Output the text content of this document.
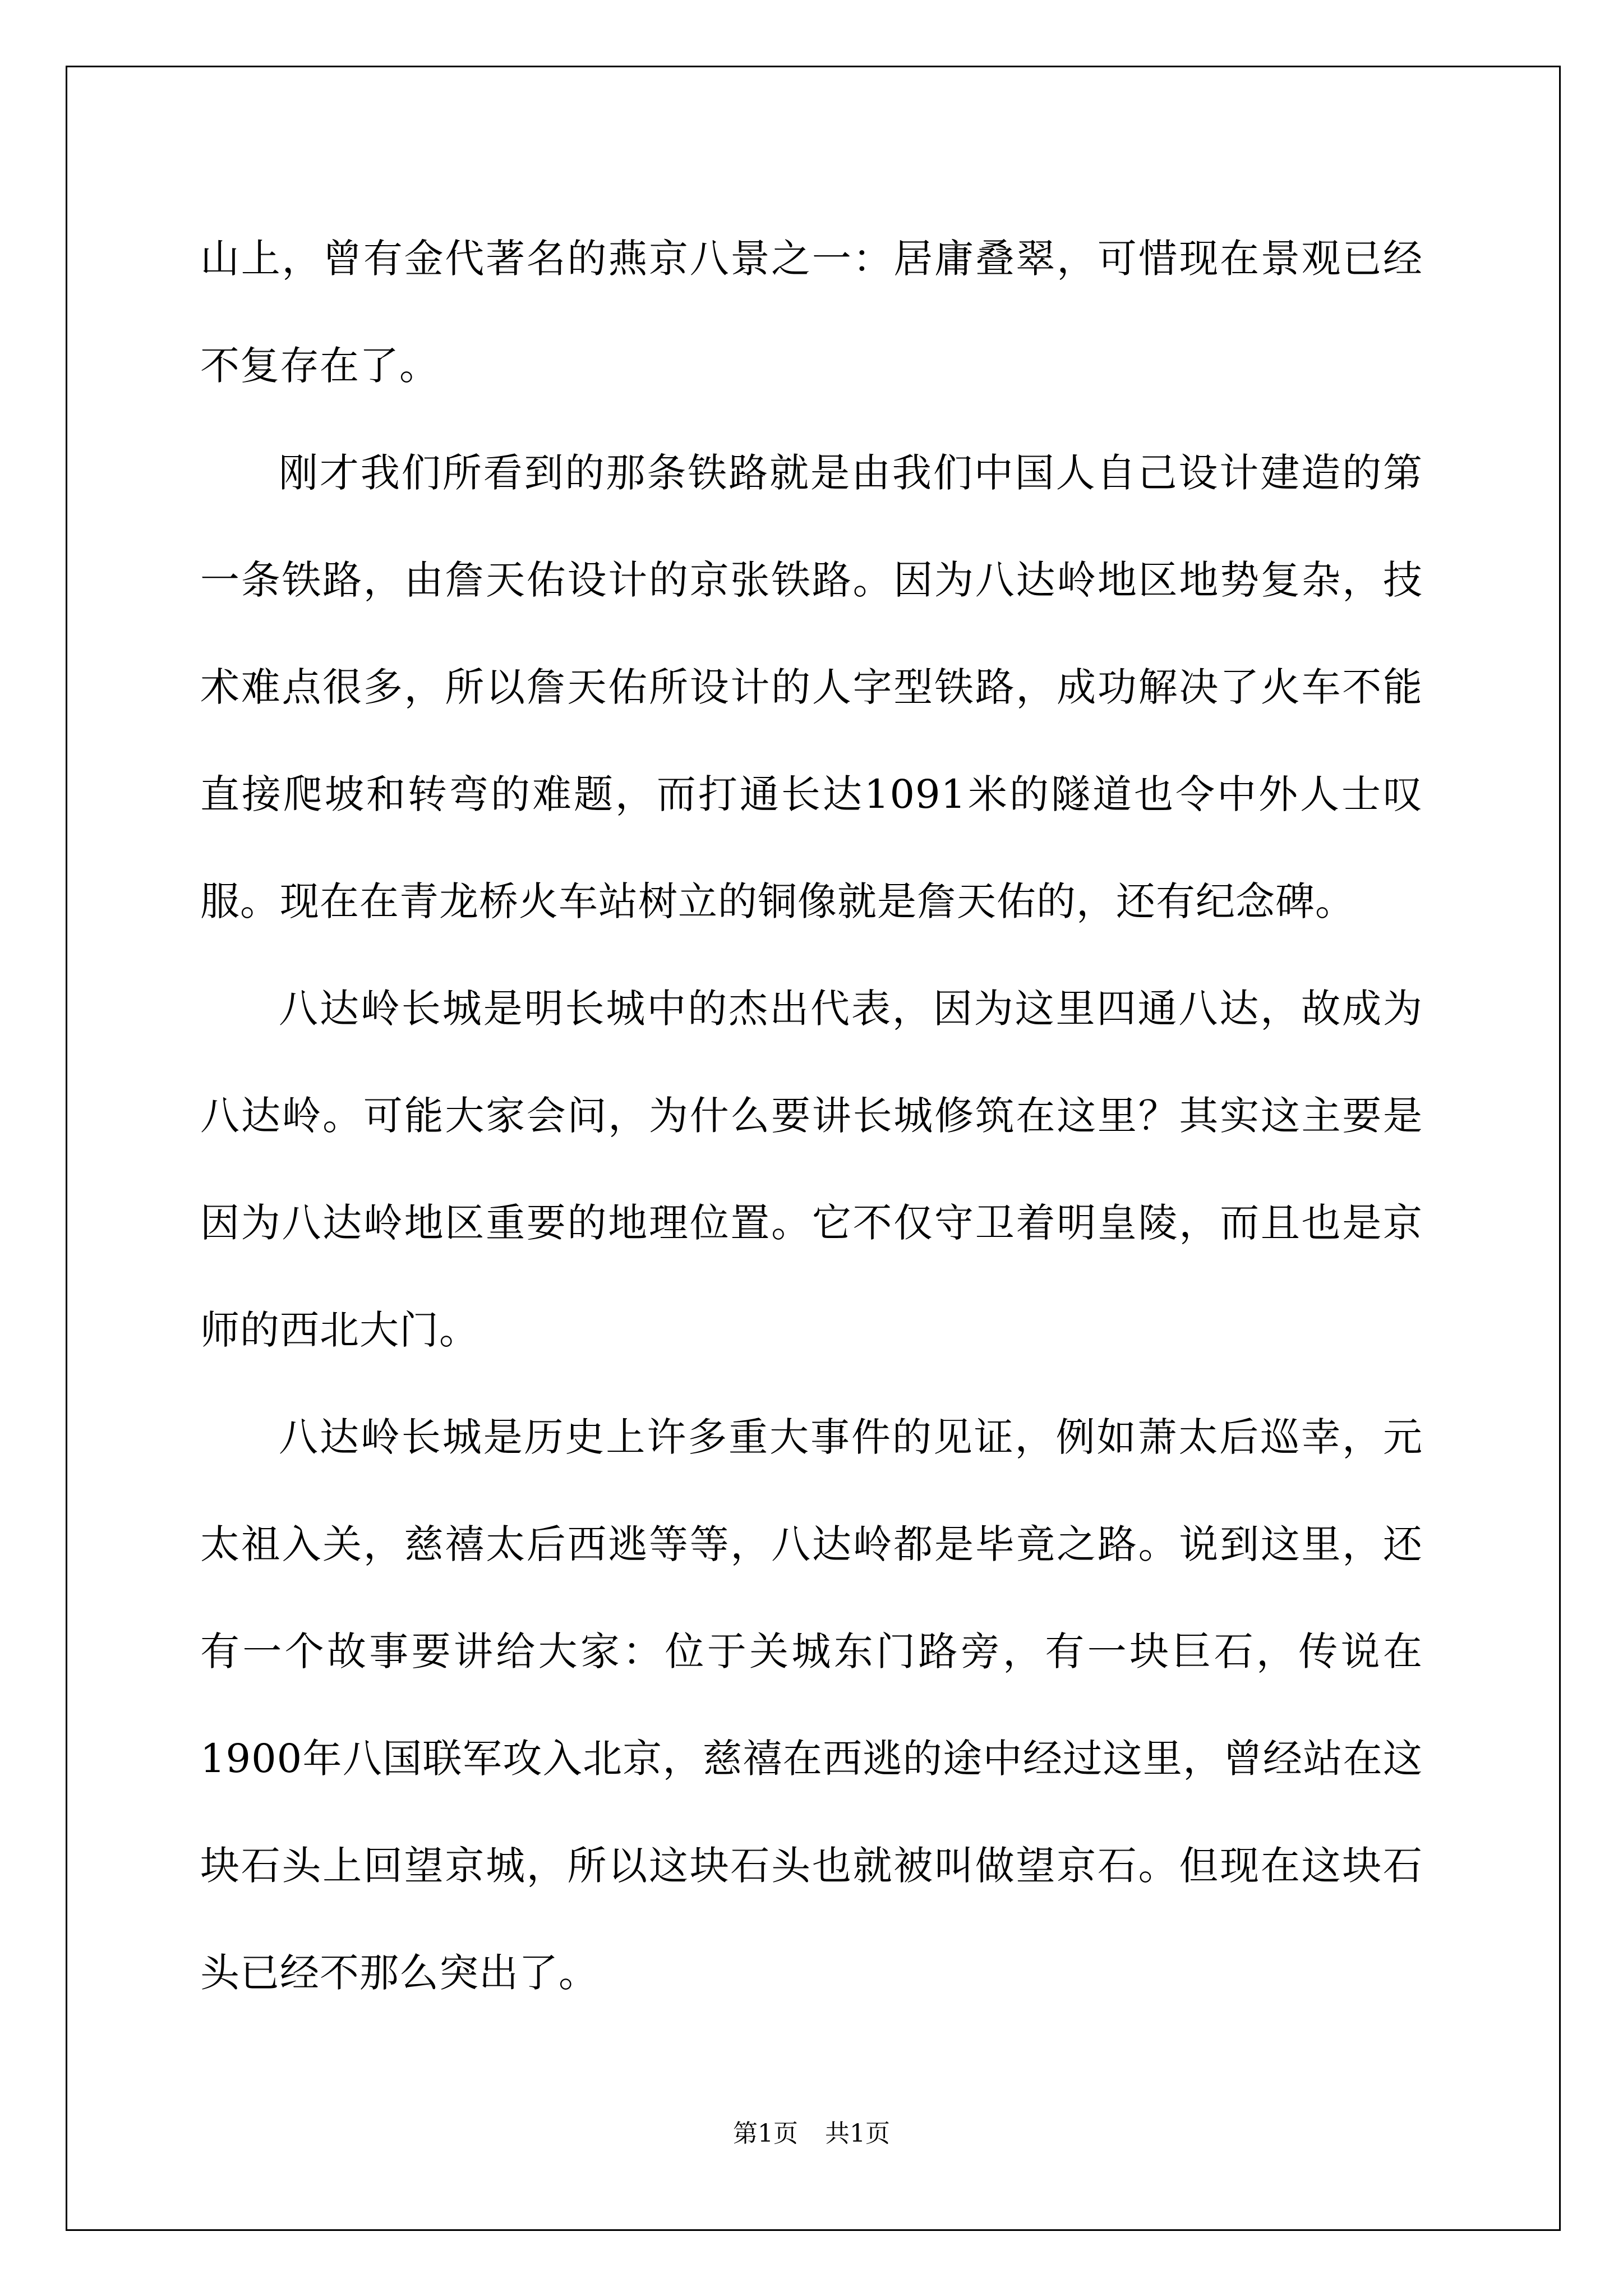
山上，曾有金代著名的燕京八景之一：居庸叠翠，可惜现在景观已经不复存在了。

刚才我们所看到的那条铁路就是由我们中国人自己设计建造的第一条铁路，由詹天佑设计的京张铁路。因为八达岭地区地势复杂，技术难点很多，所以詹天佑所设计的人字型铁路，成功解决了火车不能直接爬坡和转弯的难题，而打通长达1091米的隧道也令中外人士叹服。现在在青龙桥火车站树立的铜像就是詹天佑的，还有纪念碑。

八达岭长城是明长城中的杰出代表，因为这里四通八达，故成为八达岭。可能大家会问，为什么要讲长城修筑在这里？其实这主要是因为八达岭地区重要的地理位置。它不仅守卫着明皇陵，而且也是京师的西北大门。

八达岭长城是历史上许多重大事件的见证，例如萧太后巡幸，元太祖入关，慈禧太后西逃等等，八达岭都是毕竟之路。说到这里，还有一个故事要讲给大家：位于关城东门路旁，有一块巨石，传说在1900年八国联军攻入北京，慈禧在西逃的途中经过这里，曾经站在这块石头上回望京城，所以这块石头也就被叫做望京石。但现在这块石头已经不那么突出了。

第1页 共1页
